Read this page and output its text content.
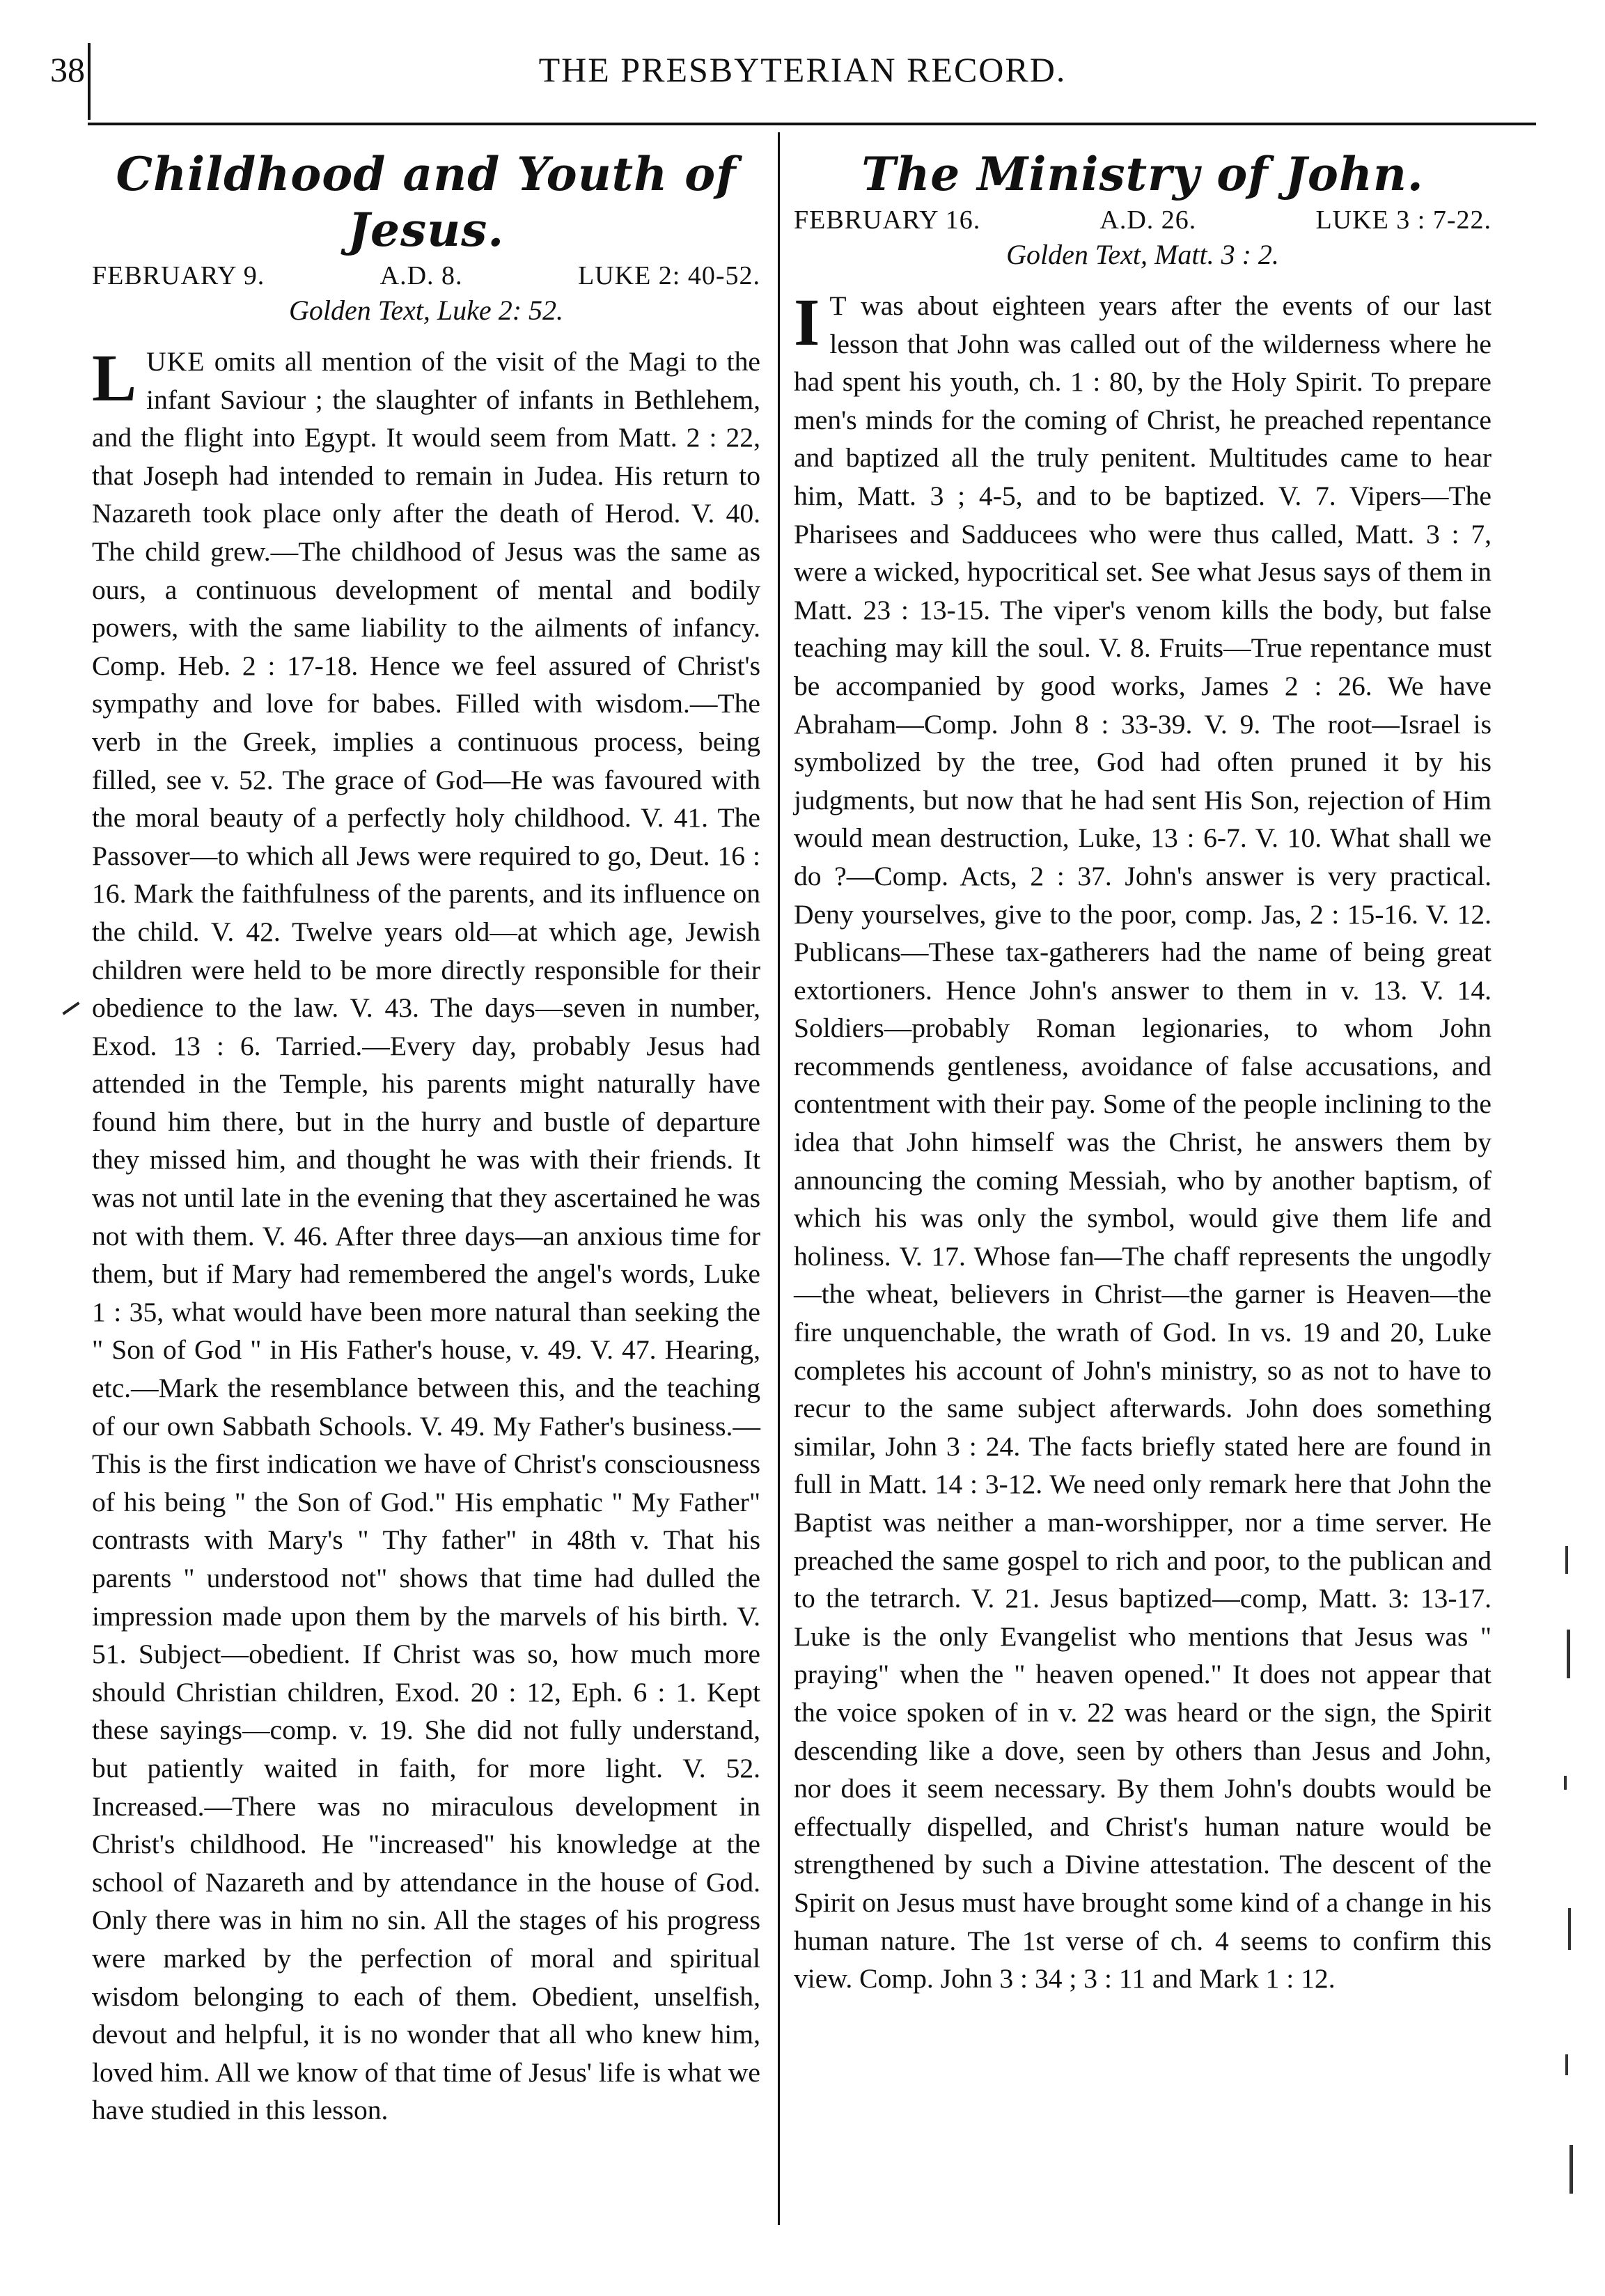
38	THE PRESBYTERIAN RECORD.
Childhood and Youth of Jesus.
FEBRUARY 9.	A.D. 8.	LUKE 2: 40-52.
Golden Text, Luke 2: 52.

LUKE omits all mention of the visit of the Magi to the infant Saviour ; the slaughter of infants in Bethlehem, and the flight into Egypt. It would seem from Matt. 2 : 22, that Joseph had intended to remain in Judea. His return to Nazareth took place only after the death of Herod. V. 40. The child grew.—The childhood of Jesus was the same as ours, a continuous development of mental and bodily powers, with the same liability to the ailments of infancy. Comp. Heb. 2 : 17-18. Hence we feel assured of Christ's sympathy and love for babes. Filled with wisdom.—The verb in the Greek, implies a continuous process, being filled, see v. 52. The grace of God—He was favoured with the moral beauty of a perfectly holy childhood. V. 41. The Passover—to which all Jews were required to go, Deut. 16 : 16. Mark the faithfulness of the parents, and its influence on the child. V. 42. Twelve years old—at which age, Jewish children were held to be more directly responsible for their obedience to the law. V. 43. The days—seven in number, Exod. 13 : 6. Tarried.—Every day, probably Jesus had attended in the Temple, his parents might naturally have found him there, but in the hurry and bustle of departure they missed him, and thought he was with their friends. It was not until late in the evening that they ascertained he was not with them. V. 46. After three days—an anxious time for them, but if Mary had remembered the angel's words, Luke 1 : 35, what would have been more natural than seeking the " Son of God " in His Father's house, v. 49. V. 47. Hearing, etc.—Mark the resemblance between this, and the teaching of our own Sabbath Schools. V. 49. My Father's business.—This is the first indication we have of Christ's consciousness of his being " the Son of God." His emphatic " My Father" contrasts with Mary's " Thy father" in 48th v. That his parents " understood not" shows that time had dulled the impression made upon them by the marvels of his birth. V. 51. Subject—obedient. If Christ was so, how much more should Christian children, Exod. 20 : 12, Eph. 6 : 1. Kept these sayings—comp. v. 19. She did not fully understand, but patiently waited in faith, for more light. V. 52. Increased.—There was no miraculous development in Christ's childhood. He "increased" his knowledge at the school of Nazareth and by attendance in the house of God. Only there was in him no sin. All the stages of his progress were marked by the perfection of moral and spiritual wisdom belonging to each of them. Obedient, unselfish, devout and helpful, it is no wonder that all who knew him, loved him. All we know of that time of Jesus' life is what we have studied in this lesson.

The Ministry of John.
FEBRUARY 16.	A.D. 26.	LUKE 3 : 7-22.
Golden Text, Matt. 3 : 2.

I T was about eighteen years after the events of our last lesson that John was called out of the wilderness where he had spent his youth, ch. 1 : 80, by the Holy Spirit. To prepare men's minds for the coming of Christ, he preached repentance and baptized all the truly penitent. Multitudes came to hear him, Matt. 3 ; 4-5, and to be baptized. V. 7. Vipers—The Pharisees and Sadducees who were thus called, Matt. 3 : 7, were a wicked, hypocritical set. See what Jesus says of them in Matt. 23 : 13-15. The viper's venom kills the body, but false teaching may kill the soul. V. 8. Fruits—True repentance must be accompanied by good works, James 2 : 26. We have Abraham—Comp. John 8 : 33-39. V. 9. The root—Israel is symbolized by the tree, God had often pruned it by his judgments, but now that he had sent His Son, rejection of Him would mean destruction, Luke, 13 : 6-7. V. 10. What shall we do ?—Comp. Acts, 2 : 37. John's answer is very practical. Deny yourselves, give to the poor, comp. Jas, 2 : 15-16. V. 12. Publicans—These tax-gatherers had the name of being great extortioners. Hence John's answer to them in v. 13. V. 14. Soldiers—probably Roman legionaries, to whom John recommends gentleness, avoidance of false accusations, and contentment with their pay. Some of the people inclining to the idea that John himself was the Christ, he answers them by announcing the coming Messiah, who by another baptism, of which his was only the symbol, would give them life and holiness. V. 17. Whose fan—The chaff represents the ungodly—the wheat, believers in Christ—the garner is Heaven—the fire unquenchable, the wrath of God. In vs. 19 and 20, Luke completes his account of John's ministry, so as not to have to recur to the same subject afterwards. John does something similar, John 3 : 24. The facts briefly stated here are found in full in Matt. 14 : 3-12. We need only remark here that John the Baptist was neither a man-worshipper, nor a time server. He preached the same gospel to rich and poor, to the publican and to the tetrarch. V. 21. Jesus baptized—comp, Matt. 3: 13-17. Luke is the only Evangelist who mentions that Jesus was " praying" when the " heaven opened." It does not appear that the voice spoken of in v. 22 was heard or the sign, the Spirit descending like a dove, seen by others than Jesus and John, nor does it seem necessary. By them John's doubts would be effectually dispelled, and Christ's human nature would be strengthened by such a Divine attestation. The descent of the Spirit on Jesus must have brought some kind of a change in his human nature. The 1st verse of ch. 4 seems to confirm this view. Comp. John 3 : 34 ; 3 : 11 and Mark 1 : 12.
